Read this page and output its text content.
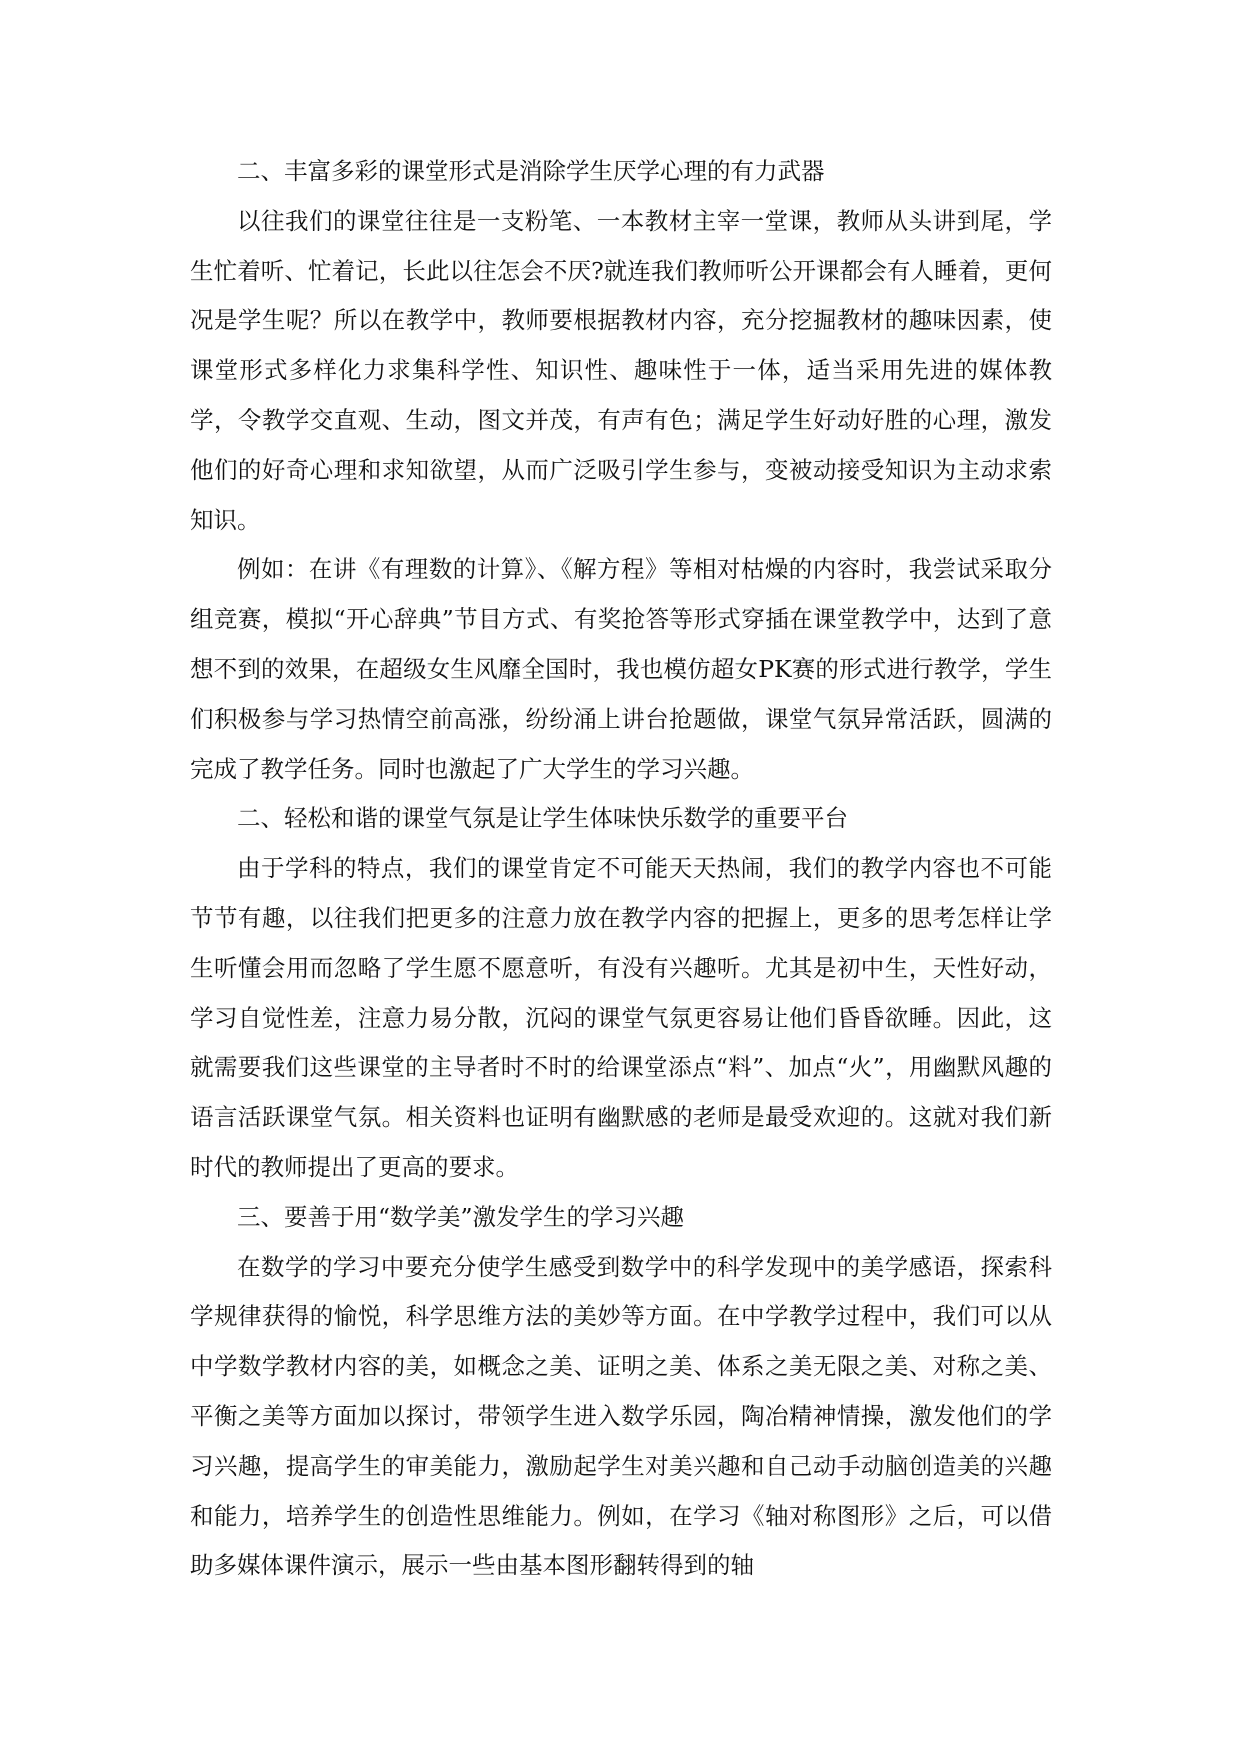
二、丰富多彩的课堂形式是消除学生厌学心理的有力武器

以往我们的课堂往往是一支粉笔、一本教材主宰一堂课，教师从头讲到尾，学生忙着听、忙着记，长此以往怎会不厌?就连我们教师听公开课都会有人睡着，更何况是学生呢？所以在教学中，教师要根据教材内容，充分挖掘教材的趣味因素，使课堂形式多样化力求集科学性、知识性、趣味性于一体，适当采用先进的媒体教学，令教学交直观、生动，图文并茂，有声有色；满足学生好动好胜的心理，激发他们的好奇心理和求知欲望，从而广泛吸引学生参与，变被动接受知识为主动求索知识。

例如：在讲《有理数的计算》、《解方程》等相对枯燥的内容时，我尝试采取分组竞赛，模拟“开心辞典”节目方式、有奖抢答等形式穿插在课堂教学中，达到了意想不到的效果，在超级女生风靡全国时，我也模仿超女PK赛的形式进行教学，学生们积极参与学习热情空前高涨，纷纷涌上讲台抢题做，课堂气氛异常活跃，圆满的完成了教学任务。同时也激起了广大学生的学习兴趣。

二、轻松和谐的课堂气氛是让学生体味快乐数学的重要平台

由于学科的特点，我们的课堂肯定不可能天天热闹，我们的教学内容也不可能节节有趣，以往我们把更多的注意力放在教学内容的把握上，更多的思考怎样让学生听懂会用而忽略了学生愿不愿意听，有没有兴趣听。尤其是初中生，天性好动，学习自觉性差，注意力易分散，沉闷的课堂气氛更容易让他们昏昏欲睡。因此，这就需要我们这些课堂的主导者时不时的给课堂添点“料”、加点“火”，用幽默风趣的语言活跃课堂气氛。相关资料也证明有幽默感的老师是最受欢迎的。这就对我们新时代的教师提出了更高的要求。

三、要善于用“数学美”激发学生的学习兴趣

在数学的学习中要充分使学生感受到数学中的科学发现中的美学感语，探索科学规律获得的愉悦，科学思维方法的美妙等方面。在中学教学过程中，我们可以从中学数学教材内容的美，如概念之美、证明之美、体系之美无限之美、对称之美、平衡之美等方面加以探讨，带领学生进入数学乐园，陶冶精神情操，激发他们的学习兴趣，提高学生的审美能力，激励起学生对美兴趣和自己动手动脑创造美的兴趣和能力，培养学生的创造性思维能力。例如，在学习《轴对称图形》之后，可以借助多媒体课件演示，展示一些由基本图形翻转得到的轴
